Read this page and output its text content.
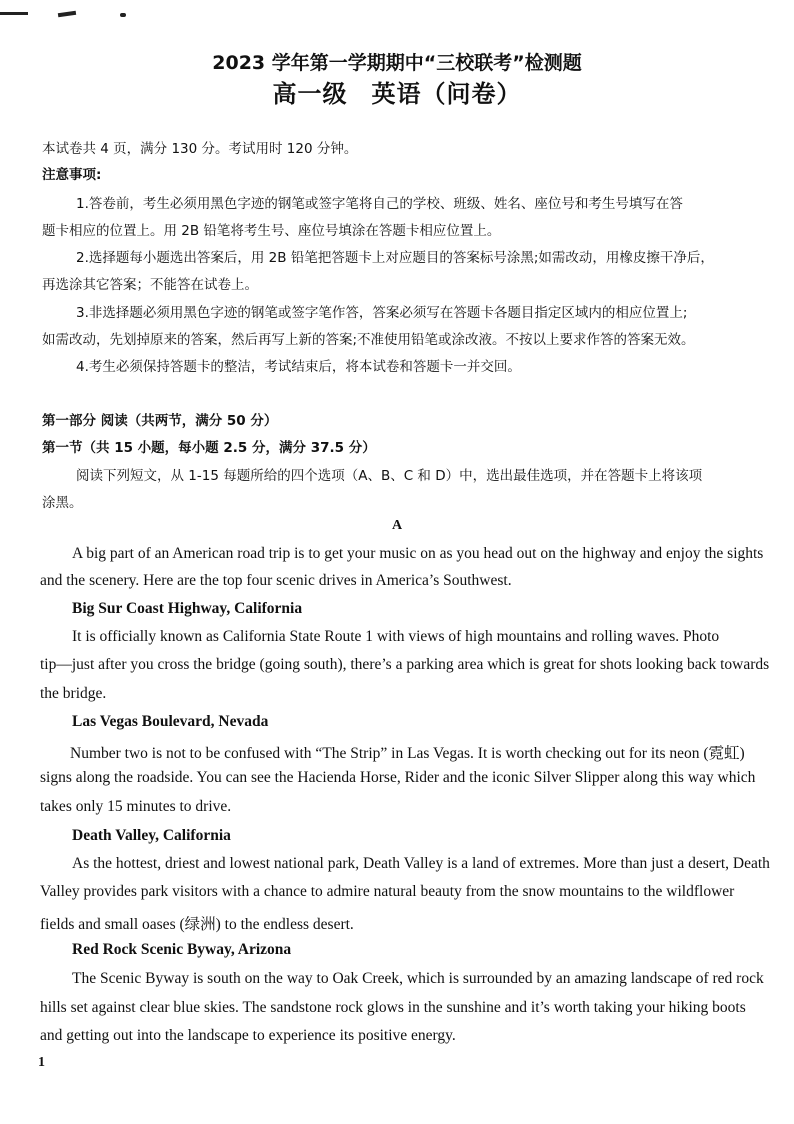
2023 学年第一学期期中“三校联考”检测题
高一级 英语（问卷）
本试卷共 4 页，满分 130 分。考试用时 120 分钟。
注意事项:
1.答卷前，考生必须用黑色字迹的钢笔或签字笔将自己的学校、班级、姓名、座位号和考生号填写在答
题卡相应的位置上。用 2B 铅笔将考生号、座位号填涂在答题卡相应位置上。
2.选择题每小题选出答案后，用 2B 铅笔把答题卡上对应题目的答案标号涂黑;如需改动，用橡皮擦干净后，
再选涂其它答案；不能答在试卷上。
3.非选择题必须用黑色字迹的钢笔或签字笔作答，答案必须写在答题卡各题目指定区域内的相应位置上;
如需改动，先划掉原来的答案，然后再写上新的答案;不准使用铅笔或涂改液。不按以上要求作答的答案无效。
4.考生必须保持答题卡的整洁，考试结束后，将本试卷和答题卡一并交回。
第一部分 阅读（共两节，满分 50 分）
第一节（共 15 小题，每小题 2.5 分，满分 37.5 分）
阅读下列短文，从 1-15 每题所给的四个选项（A、B、C 和 D）中，选出最佳选项，并在答题卡上将该项
涂黑。
A
A big part of an American road trip is to get your music on as you head out on the highway and enjoy the sights
and the scenery. Here are the top four scenic drives in America’s Southwest.
Big Sur Coast Highway, California
It is officially known as California State Route 1 with views of high mountains and rolling waves. Photo
tip—just after you cross the bridge (going south), there’s a parking area which is great for shots looking back towards
the bridge.
Las Vegas Boulevard, Nevada
Number two is not to be confused with “The Strip” in Las Vegas. It is worth checking out for its neon (霓虹)
signs along the roadside. You can see the Hacienda Horse, Rider and the iconic Silver Slipper along this way which
takes only 15 minutes to drive.
Death Valley, California
As the hottest, driest and lowest national park, Death Valley is a land of extremes. More than just a desert, Death
Valley provides park visitors with a chance to admire natural beauty from the snow mountains to the wildflower
fields and small oases (绿洲) to the endless desert.
Red Rock Scenic Byway, Arizona
The Scenic Byway is south on the way to Oak Creek, which is surrounded by an amazing landscape of red rock
hills set against clear blue skies. The sandstone rock glows in the sunshine and it’s worth taking your hiking boots
and getting out into the landscape to experience its positive energy.
1
